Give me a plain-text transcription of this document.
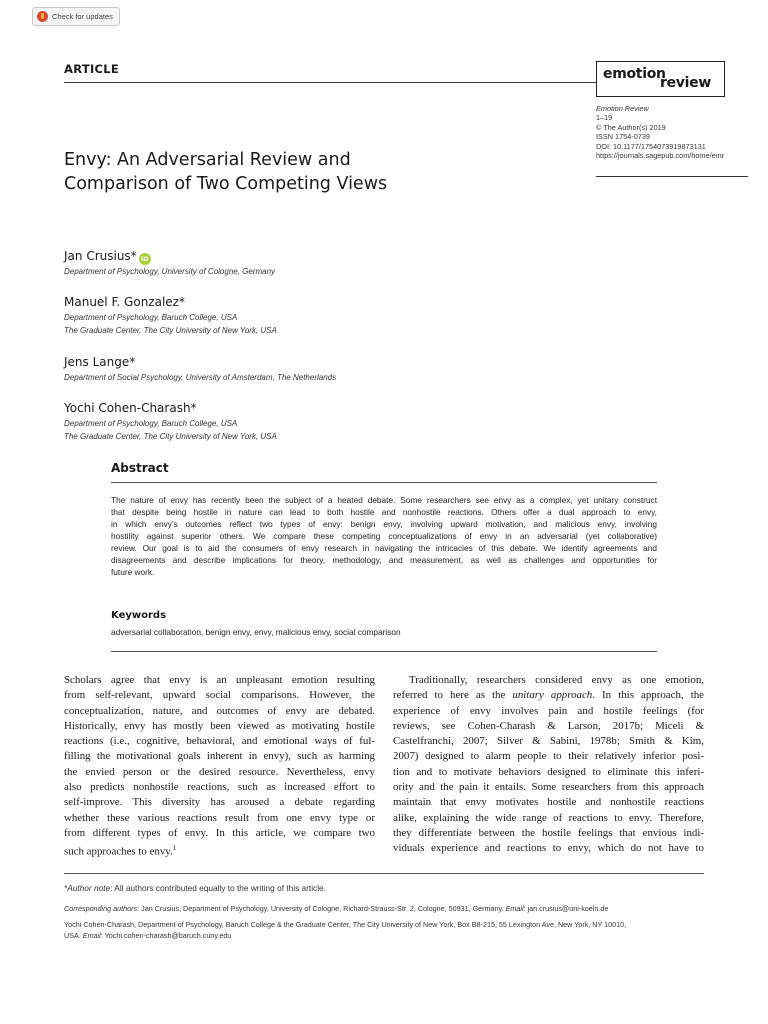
Check for updates
ARTICLE	emotion
review
Emotion Review
1–19
© The Author(s) 2019
ISSN 1754-0739
DOI: 10.1177/1754073919873131
https://journals.sagepub.com/home/emr
Envy: An Adversarial Review and
Comparison of Two Competing Views
Jan Crusius* iD
Department of Psychology, University of Cologne, Germany
Manuel F. Gonzalez*
Department of Psychology, Baruch College, USA
The Graduate Center, The City University of New York, USA
Jens Lange*
Department of Social Psychology, University of Amsterdam, The Netherlands
Yochi Cohen-Charash*
Department of Psychology, Baruch College, USA
The Graduate Center, The City University of New York, USA
Abstract
The nature of envy has recently been the subject of a heated debate. Some researchers see envy as a complex, yet unitary construct
that despite being hostile in nature can lead to both hostile and nonhostile reactions. Others offer a dual approach to envy,
in which envy’s outcomes reflect two types of envy: benign envy, involving upward motivation, and malicious envy, involving
hostility against superior others. We compare these competing conceptualizations of envy in an adversarial (yet collaborative)
review. Our goal is to aid the consumers of envy research in navigating the intricacies of this debate. We identify agreements and
disagreements and describe implications for theory, methodology, and measurement, as well as challenges and opportunities for
future work.
Keywords
adversarial collaboration, benign envy, envy, malicious envy, social comparison
Scholars agree that envy is an unpleasant emotion resulting
from self-relevant, upward social comparisons. However, the
conceptualization, nature, and outcomes of envy are debated.
Historically, envy has mostly been viewed as motivating hostile
reactions (i.e., cognitive, behavioral, and emotional ways of ful-
filling the motivational goals inherent in envy), such as harming
the envied person or the desired resource. Nevertheless, envy
also predicts nonhostile reactions, such as increased effort to
self-improve. This diversity has aroused a debate regarding
whether these various reactions result from one envy type or
from different types of envy. In this article, we compare two
such approaches to envy.$^1$
Traditionally, researchers considered envy as one emotion,
referred to here as the unitary approach. In this approach, the
experience of envy involves pain and hostile feelings (for
reviews, see Cohen-Charash & Larson, 2017b; Miceli &
Castelfranchi, 2007; Silver & Sabini, 1978b; Smith & Kim,
2007) designed to alarm people to their relatively inferior posi-
tion and to motivate behaviors designed to eliminate this inferi-
ority and the pain it entails. Some researchers from this approach
maintain that envy motivates hostile and nonhostile reactions
alike, explaining the wide range of reactions to envy. Therefore,
they differentiate between the hostile feelings that envious indi-
viduals experience and reactions to envy, which do not have to
*Author note: All authors contributed equally to the writing of this article.
Corresponding authors: Jan Crusius, Department of Psychology, University of Cologne, Richard-Strauss-Str. 2, Cologne, 50931, Germany. Email: jan.crusius@uni-koeln.de
Yochi Cohen-Charash, Department of Psychology, Baruch College & the Graduate Center, The City University of New York, Box B8-215, 55 Lexington Ave, New York, NY 10010,
USA. Email: Yochi.cohen-charash@baruch.cuny.edu
